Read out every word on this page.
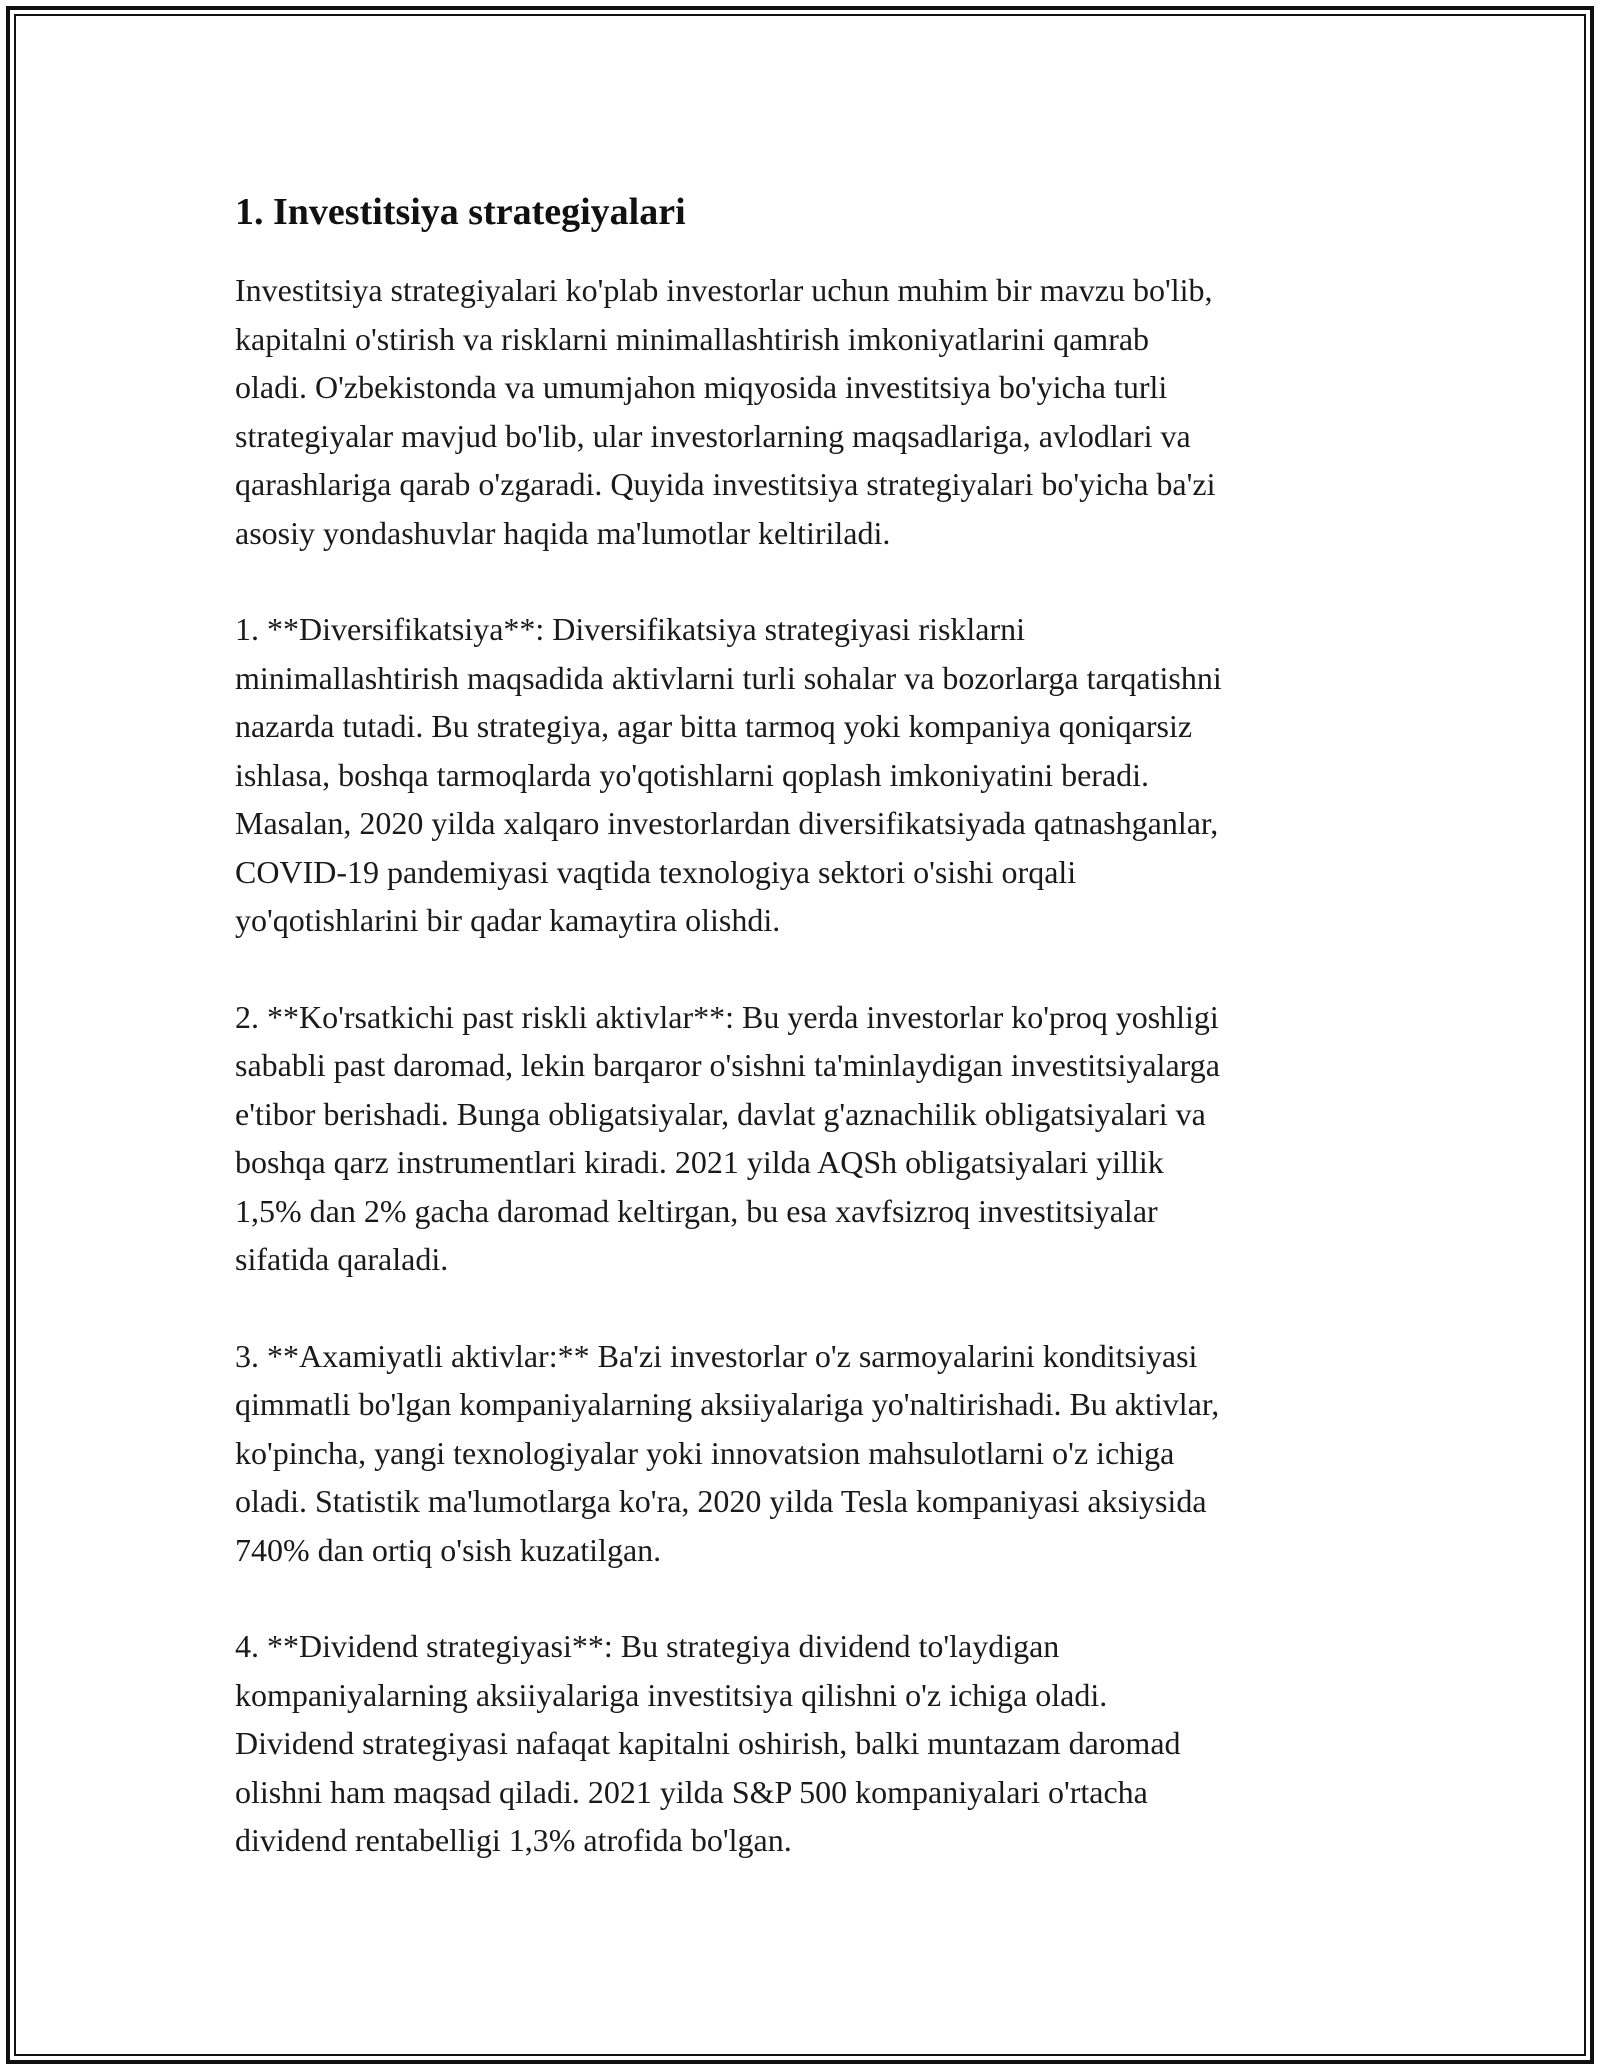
1. Investitsiya strategiyalari

Investitsiya strategiyalari ko'plab investorlar uchun muhim bir mavzu bo'lib,
kapitalni o'stirish va risklarni minimallashtirish imkoniyatlarini qamrab
oladi. O'zbekistonda va umumjahon miqyosida investitsiya bo'yicha turli
strategiyalar mavjud bo'lib, ular investorlarning maqsadlariga, avlodlari va
qarashlariga qarab o'zgaradi. Quyida investitsiya strategiyalari bo'yicha ba'zi
asosiy yondashuvlar haqida ma'lumotlar keltiriladi.

1. **Diversifikatsiya**: Diversifikatsiya strategiyasi risklarni
minimallashtirish maqsadida aktivlarni turli sohalar va bozorlarga tarqatishni
nazarda tutadi. Bu strategiya, agar bitta tarmoq yoki kompaniya qoniqarsiz
ishlasa, boshqa tarmoqlarda yo'qotishlarni qoplash imkoniyatini beradi.
Masalan, 2020 yilda xalqaro investorlardan diversifikatsiyada qatnashganlar,
COVID-19 pandemiyasi vaqtida texnologiya sektori o'sishi orqali
yo'qotishlarini bir qadar kamaytira olishdi.

2. **Ko'rsatkichi past riskli aktivlar**: Bu yerda investorlar ko'proq yoshligi
sababli past daromad, lekin barqaror o'sishni ta'minlaydigan investitsiyalarga
e'tibor berishadi. Bunga obligatsiyalar, davlat g'aznachilik obligatsiyalari va
boshqa qarz instrumentlari kiradi. 2021 yilda AQSh obligatsiyalari yillik
1,5% dan 2% gacha daromad keltirgan, bu esa xavfsizroq investitsiyalar
sifatida qaraladi.

3. **Axamiyatli aktivlar:** Ba'zi investorlar o'z sarmoyalarini konditsiyasi
qimmatli bo'lgan kompaniyalarning aksiiyalariga yo'naltirishadi. Bu aktivlar,
ko'pincha, yangi texnologiyalar yoki innovatsion mahsulotlarni o'z ichiga
oladi. Statistik ma'lumotlarga ko'ra, 2020 yilda Tesla kompaniyasi aksiysida
740% dan ortiq o'sish kuzatilgan.

4. **Dividend strategiyasi**: Bu strategiya dividend to'laydigan
kompaniyalarning aksiiyalariga investitsiya qilishni o'z ichiga oladi.
Dividend strategiyasi nafaqat kapitalni oshirish, balki muntazam daromad
olishni ham maqsad qiladi. 2021 yilda S&P 500 kompaniyalari o'rtacha
dividend rentabelligi 1,3% atrofida bo'lgan.
